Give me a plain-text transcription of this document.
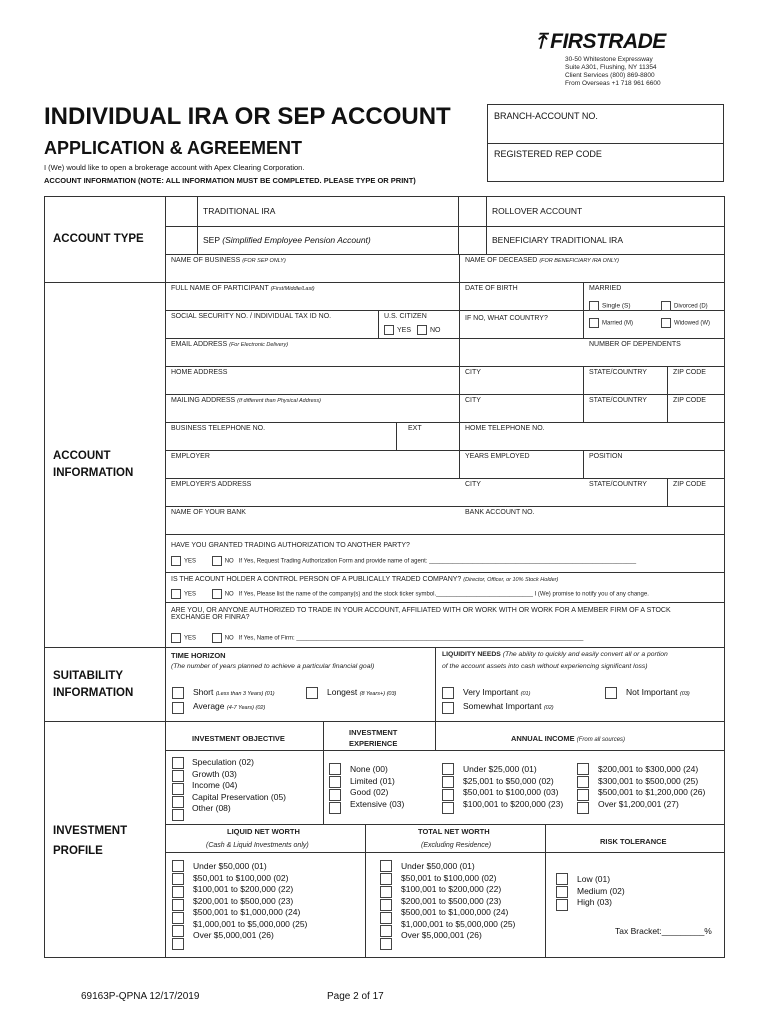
⤒ FIRSTRADE
30-50 Whitestone Expressway
Suite A301, Flushing, NY 11354
Client Services (800) 869-8800
From Overseas +1 718 961 6600
INDIVIDUAL IRA OR SEP ACCOUNT
APPLICATION & AGREEMENT
I (We) would like to open a brokerage account with Apex Clearing Corporation.
ACCOUNT INFORMATION (NOTE: ALL INFORMATION MUST BE COMPLETED. PLEASE TYPE OR PRINT)
BRANCH-ACCOUNT NO.
REGISTERED REP CODE
ACCOUNT TYPE
ACCOUNT
INFORMATION
SUITABILITY
INFORMATION
INVESTMENT
PROFILE
TRADITIONAL IRA	ROLLOVER ACCOUNT
SEP (Simplified Employee Pension Account)	BENEFICIARY TRADITIONAL IRA
NAME OF BUSINESS (FOR SEP ONLY)	NAME OF DECEASED (FOR BENEFICIARY IRA ONLY)
FULL NAME OF PARTICIPANT (First/Middle/Last)	DATE OF BIRTH	MARRIED
Single (S)	Divorced (D)
Married (M)	Widowed (W)
SOCIAL SECURITY NO. / INDIVIDUAL TAX ID NO.	U.S. CITIZEN
YES	NO
IF NO, WHAT COUNTRY?
EMAIL ADDRESS (For Electronic Delivery)	NUMBER OF DEPENDENTS
HOME ADDRESS	CITY	STATE/COUNTRY	ZIP CODE
MAILING ADDRESS (If different than Physical Address)	CITY	STATE/COUNTRY	ZIP CODE
BUSINESS TELEPHONE NO.	EXT	HOME TELEPHONE NO.
EMPLOYER	YEARS EMPLOYED	POSITION
EMPLOYER'S ADDRESS	CITY	STATE/COUNTRY	ZIP CODE
NAME OF YOUR BANK	BANK ACCOUNT NO.
HAVE YOU GRANTED TRADING AUTHORIZATION TO ANOTHER PARTY?
YES	NO If Yes, Request Trading Authorization Form and provide name of agent: ______________________________________________________________
IS THE ACOUNT HOLDER A CONTROL PERSON OF A PUBLICALLY TRADED COMPANY? (Director, Officer, or 10% Stock Holder)
YES	NO If Yes, Please list the name of the company(s) and the stock ticker symbol._____________________________ I (We) promise to notify you of any change.
ARE YOU, OR ANYONE AUTHORIZED TO TRADE IN YOUR ACCOUNT, AFFILIATED WITH OR WORK WITH OR WORK FOR A MEMBER FIRM OF A STOCK
EXCHANGE OR FINRA?
YES	NO If Yes, Name of Firm: ______________________________________________________________________________________
TIME HORIZON
(The number of years planned to achieve a particular financial goal)
LIQUIDITY NEEDS (The ability to quickly and easily convert all or a portion
of the account assets into cash without experiencing significant loss)
Short (Less than 3 Years) (01)	Longest (8 Years+) (03)
Average (4-7 Years) (02)
Very Important (01)
Somewhat Important (02)
Not Important (03)
INVESTMENT OBJECTIVE
INVESTMENT
EXPERIENCE
ANNUAL INCOME (From all sources)
Speculation (02)
Growth (03)
Income (04)
Capital Preservation (05)
Other (08)
None (00)
Limited (01)
Good (02)
Extensive (03)
Under $25,000 (01)
$25,001 to $50,000 (02)
$50,001 to $100,000 (03)
$100,001 to $200,000 (23)
$200,001 to $300,000 (24)
$300,001 to $500,000 (25)
$500,001 to $1,200,000 (26)
Over $1,200,001 (27)
LIQUID NET WORTH
(Cash & Liquid Investments only)
TOTAL NET WORTH
(Excluding Residence)	RISK TOLERANCE
Under $50,000 (01)
$50,001 to $100,000 (02)
$100,001 to $200,000 (22)
$200,001 to $500,000 (23)
$500,001 to $1,000,000 (24)
$1,000,001 to $5,000,000 (25)
Over $5,000,001 (26)
Under $50,000 (01)
$50,001 to $100,000 (02)
$100,001 to $200,000 (22)
$200,001 to $500,000 (23)
$500,001 to $1,000,000 (24)
$1,000,001 to $5,000,000 (25)
Over $5,000,001 (26)
Low (01)
Medium (02)
High (03)
Tax Bracket:_________%
69163P-QPNA 12/17/2019	Page 2 of 17
